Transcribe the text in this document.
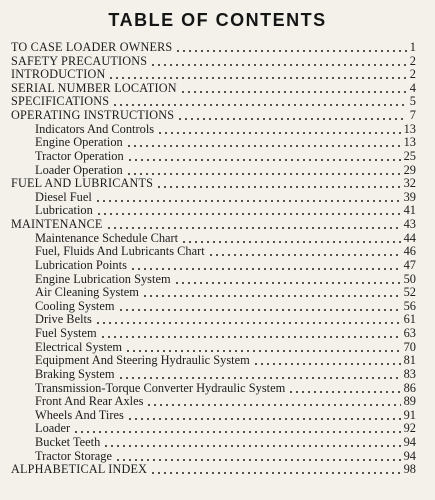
TABLE OF CONTENTS
TO CASE LOADER OWNERS	1
SAFETY PRECAUTIONS	2
INTRODUCTION	2
SERIAL NUMBER LOCATION	4
SPECIFICATIONS	5
OPERATING INSTRUCTIONS	7
Indicators And Controls	13
Engine Operation	13
Tractor Operation	25
Loader Operation	29
FUEL AND LUBRICANTS	32
Diesel Fuel	39
Lubrication	41
MAINTENANCE	43
Maintenance Schedule Chart	44
Fuel, Fluids And Lubricants Chart	46
Lubrication Points	47
Engine Lubrication System	50
Air Cleaning System	52
Cooling System	56
Drive Belts	61
Fuel System	63
Electrical System	70
Equipment And Steering Hydraulic System	81
Braking System	83
Transmission-Torque Converter Hydraulic System	86
Front And Rear Axles	89
Wheels And Tires	91
Loader	92
Bucket Teeth	94
Tractor Storage	94
ALPHABETICAL INDEX	98
